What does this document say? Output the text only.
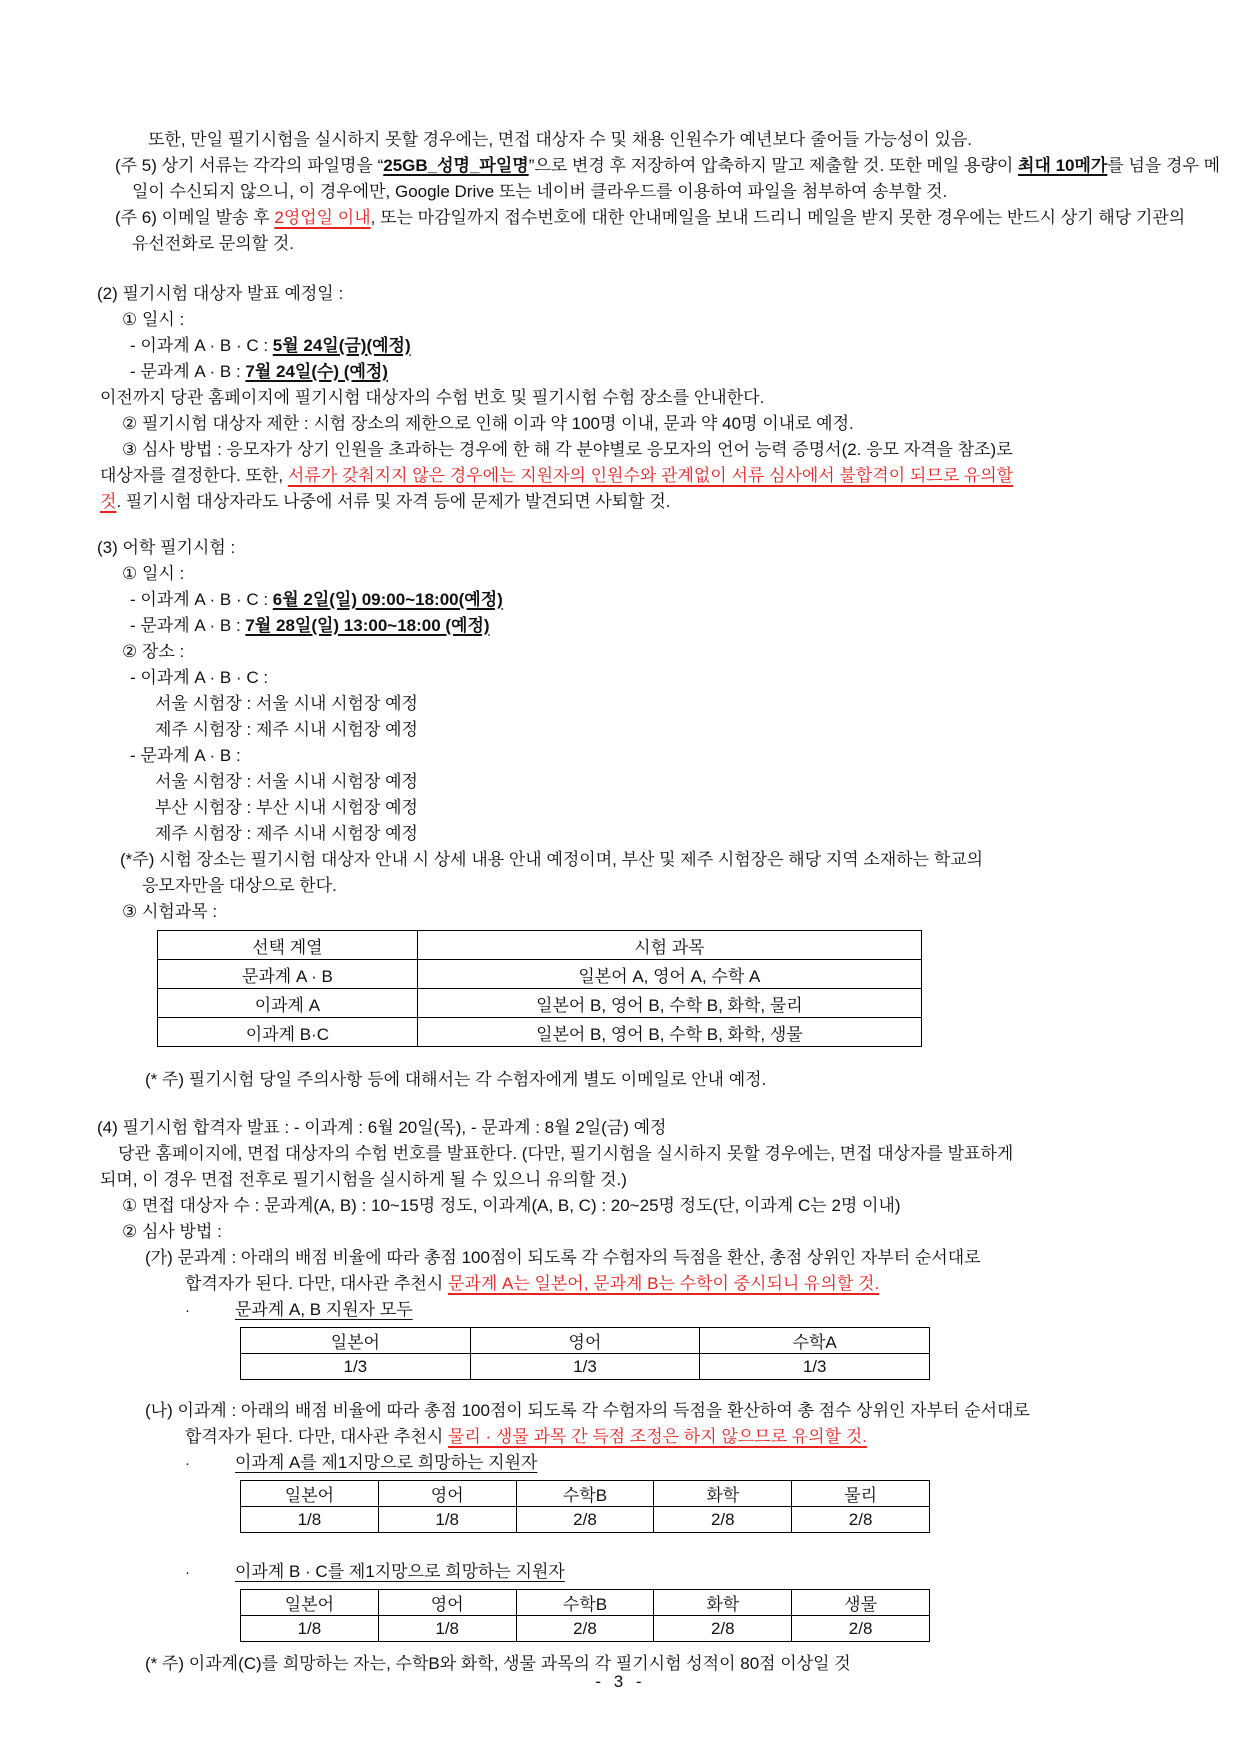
또한, 만일 필기시험을 실시하지 못할 경우에는, 면접 대상자 수 및 채용 인원수가 예년보다 줄어들 가능성이 있음.

(주 5) 상기 서류는 각각의 파일명을 “25GB_성명_파일명”으로 변경 후 저장하여 압축하지 말고 제출할 것. 또한 메일 용량이 최대 10메가를 넘을 경우 메

일이 수신되지 않으니, 이 경우에만, Google Drive 또는 네이버 클라우드를 이용하여 파일을 첨부하여 송부할 것.

(주 6) 이메일 발송 후 2영업일 이내, 또는 마감일까지 접수번호에 대한 안내메일을 보내 드리니 메일을 받지 못한 경우에는 반드시 상기 해당 기관의

유선전화로 문의할 것.

(2) 필기시험 대상자 발표 예정일 :

① 일시 :

- 이과계 A · B · C : 5월 24일(금)(예정)

- 문과계 A · B : 7월 24일(수) (예정)

이전까지 당관 홈페이지에 필기시험 대상자의 수험 번호 및 필기시험 수험 장소를 안내한다.

② 필기시험 대상자 제한 : 시험 장소의 제한으로 인해 이과 약 100명 이내, 문과 약 40명 이내로 예정.

③ 심사 방법 : 응모자가 상기 인원을 초과하는 경우에 한 해 각 분야별로 응모자의 언어 능력 증명서(2. 응모 자격을 참조)로

대상자를 결정한다. 또한, 서류가 갖춰지지 않은 경우에는 지원자의 인원수와 관계없이 서류 심사에서 불합격이 되므로 유의할

것. 필기시험 대상자라도 나중에 서류 및 자격 등에 문제가 발견되면 사퇴할 것.

(3) 어학 필기시험 :

① 일시 :

- 이과계 A · B · C : 6월 2일(일) 09:00~18:00(예정)

- 문과계 A · B : 7월 28일(일) 13:00~18:00 (예정)

② 장소 :

- 이과계 A · B · C :

서울 시험장 : 서울 시내 시험장 예정

제주 시험장 : 제주 시내 시험장 예정

- 문과계 A · B :

서울 시험장 : 서울 시내 시험장 예정

부산 시험장 : 부산 시내 시험장 예정

제주 시험장 : 제주 시내 시험장 예정

(*주) 시험 장소는 필기시험 대상자 안내 시 상세 내용 안내 예정이며, 부산 및 제주 시험장은 해당 지역 소재하는 학교의

응모자만을 대상으로 한다.

③ 시험과목 :

선택 계열	시험 과목
문과계 A · B	일본어 A, 영어 A, 수학 A
이과계 A	일본어 B, 영어 B, 수학 B, 화학, 물리
이과계 B·C	일본어 B, 영어 B, 수학 B, 화학, 생물

(* 주) 필기시험 당일 주의사항 등에 대해서는 각 수험자에게 별도 이메일로 안내 예정.

(4) 필기시험 합격자 발표 : - 이과계 : 6월 20일(목), - 문과계 : 8월 2일(금) 예정

당관 홈페이지에, 면접 대상자의 수험 번호를 발표한다. (다만, 필기시험을 실시하지 못할 경우에는, 면접 대상자를 발표하게

되며, 이 경우 면접 전후로 필기시험을 실시하게 될 수 있으니 유의할 것.)

① 면접 대상자 수 : 문과계(A, B) : 10~15명 정도, 이과계(A, B, C) : 20~25명 정도(단, 이과계 C는 2명 이내)

② 심사 방법 :

(가) 문과계 : 아래의 배점 비율에 따라 총점 100점이 되도록 각 수험자의 득점을 환산, 총점 상위인 자부터 순서대로

합격자가 된다. 다만, 대사관 추천시 문과계 A는 일본어, 문과계 B는 수학이 중시되니 유의할 것.

·	문과계 A, B 지원자 모두

일본어	영어	수학A
1/3	1/3	1/3

(나) 이과계 : 아래의 배점 비율에 따라 총점 100점이 되도록 각 수험자의 득점을 환산하여 총 점수 상위인 자부터 순서대로

합격자가 된다. 다만, 대사관 추천시 물리 · 생물 과목 간 득점 조정은 하지 않으므로 유의할 것.

·	이과계 A를 제1지망으로 희망하는 지원자

일본어	영어	수학B	화학	물리
1/8	1/8	2/8	2/8	2/8

·	이과계 B · C를 제1지망으로 희망하는 지원자

일본어	영어	수학B	화학	생물
1/8	1/8	2/8	2/8	2/8

(* 주) 이과계(C)를 희망하는 자는, 수학B와 화학, 생물 과목의 각 필기시험 성적이 80점 이상일 것

- 3 -
